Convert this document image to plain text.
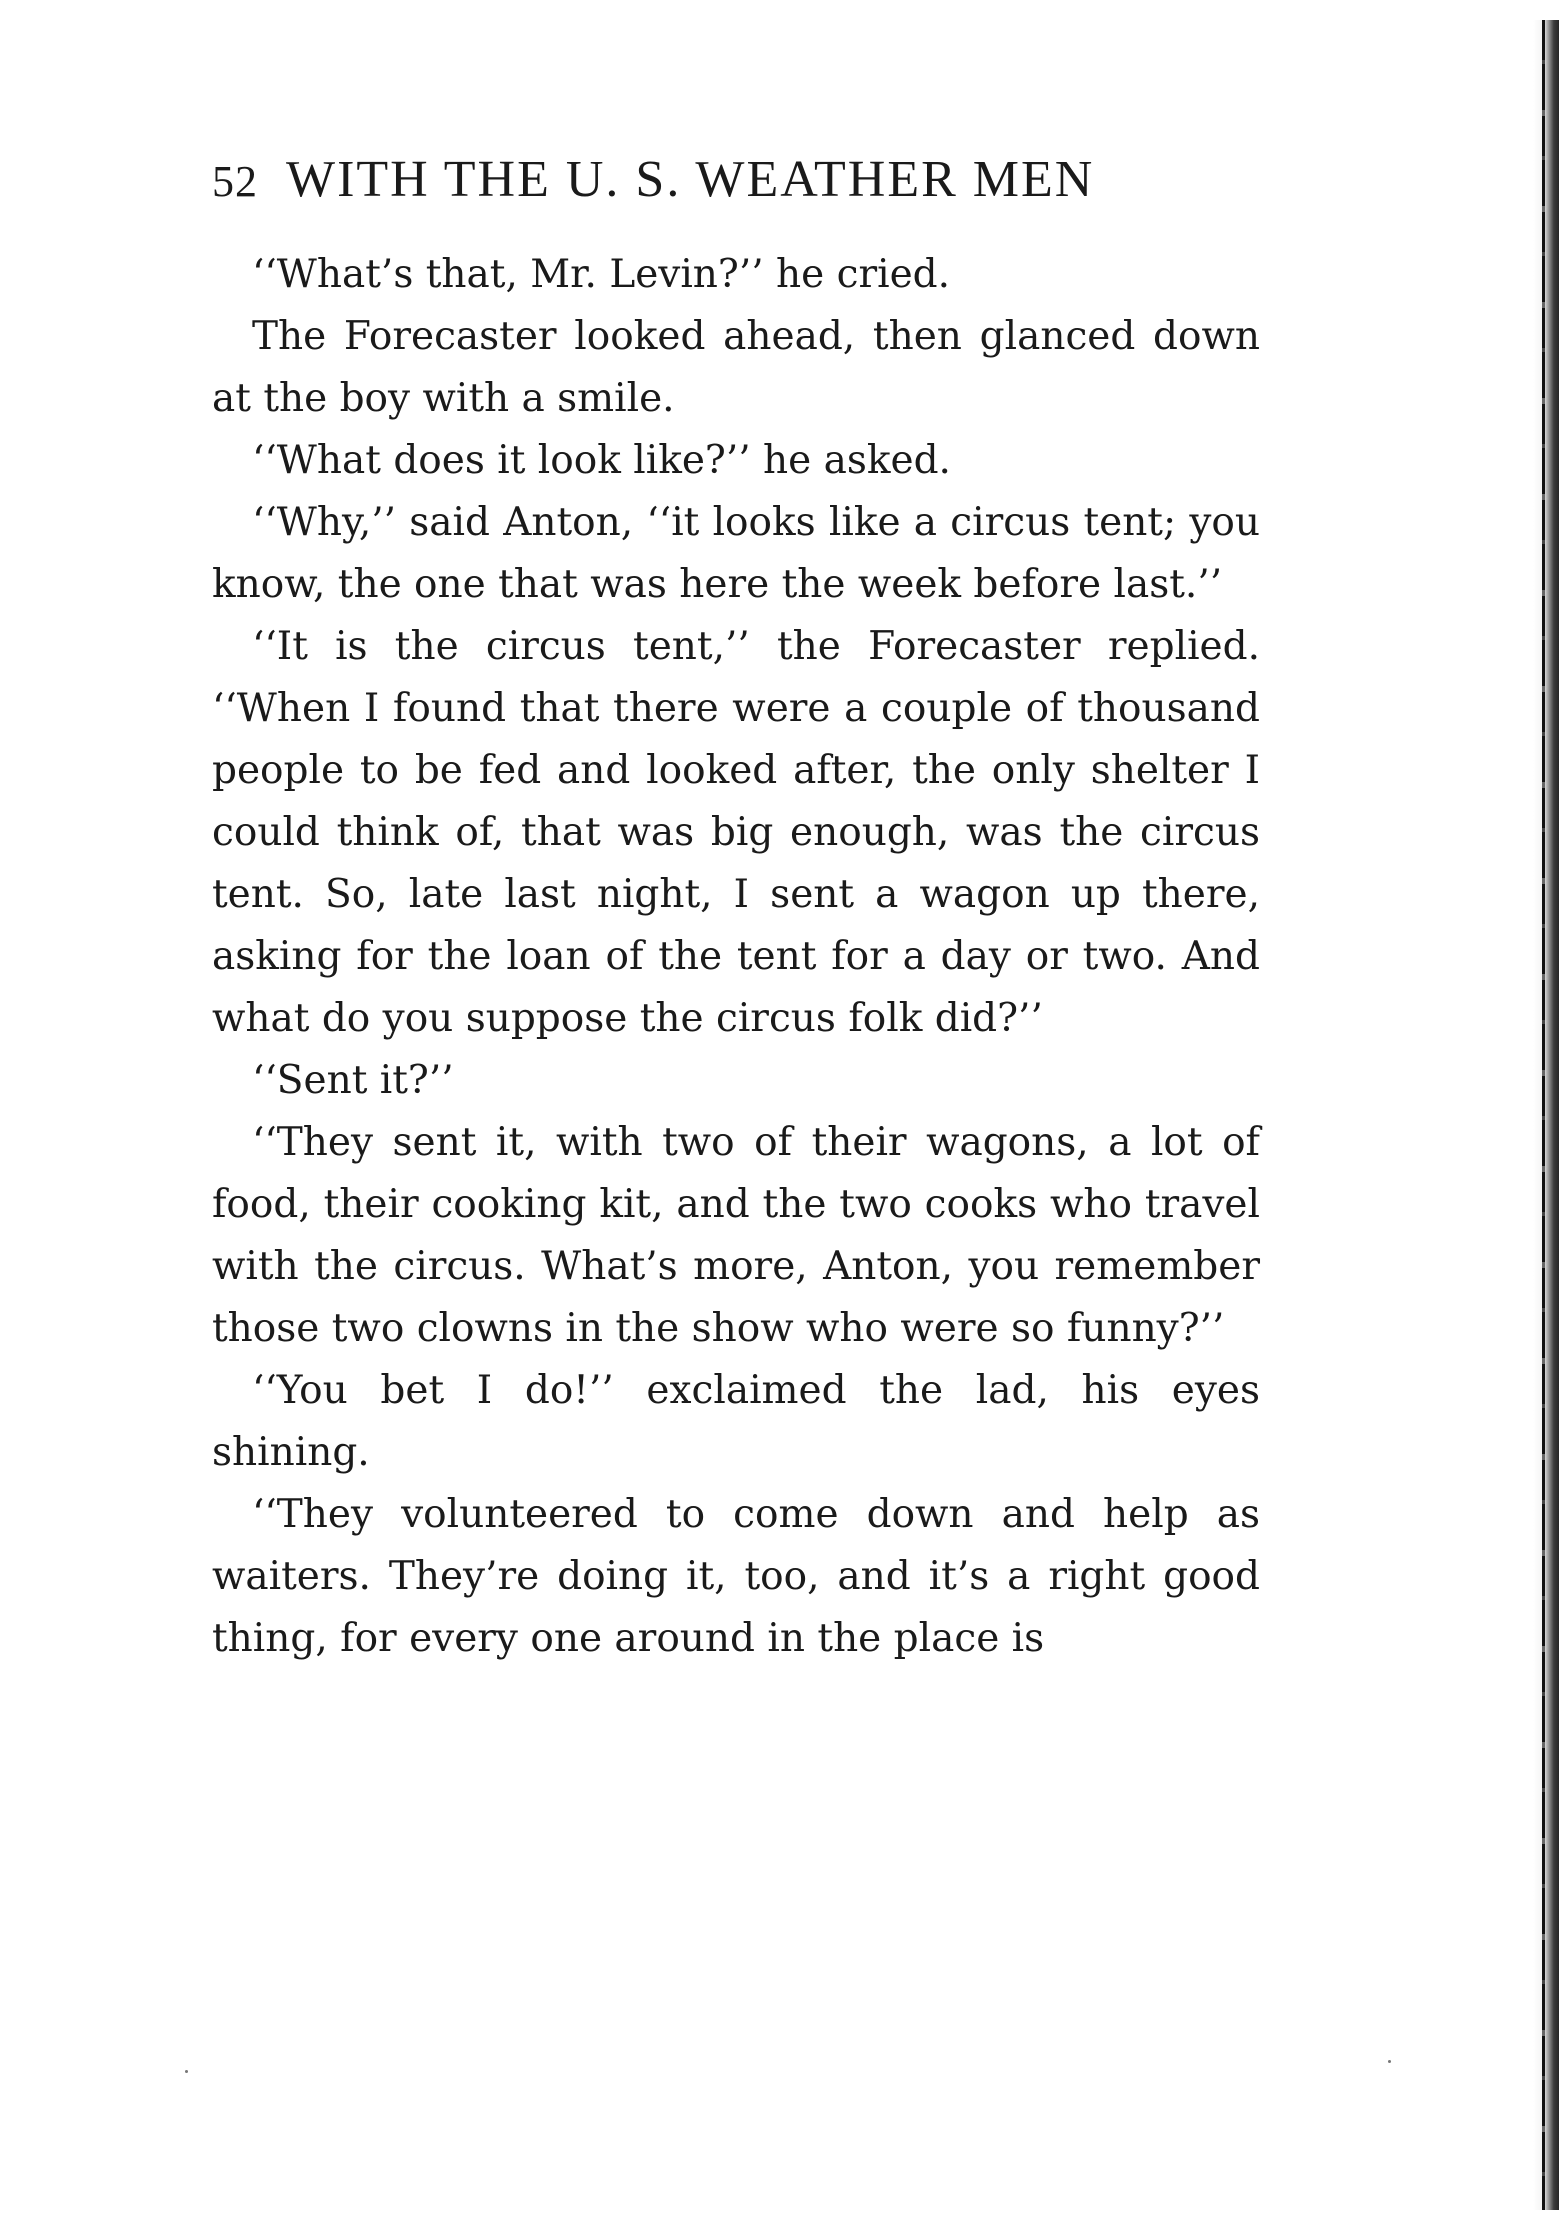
52 WITH THE U. S. WEATHER MEN

‘‘What’s that, Mr. Levin?’’ he cried.

The Forecaster looked ahead, then glanced down at the boy with a smile.

‘‘What does it look like?’’ he asked.

‘‘Why,’’ said Anton, ‘‘it looks like a circus tent; you know, the one that was here the week before last.’’

‘‘It is the circus tent,’’ the Forecaster replied. ‘‘When I found that there were a couple of thousand people to be fed and looked after, the only shelter I could think of, that was big enough, was the circus tent. So, late last night, I sent a wagon up there, asking for the loan of the tent for a day or two. And what do you suppose the circus folk did?’’

‘‘Sent it?’’

‘‘They sent it, with two of their wagons, a lot of food, their cooking kit, and the two cooks who travel with the circus. What’s more, Anton, you remember those two clowns in the show who were so funny?’’

‘‘You bet I do!’’ exclaimed the lad, his eyes shining.

‘‘They volunteered to come down and help as waiters. They’re doing it, too, and it’s a right good thing, for every one around in the place is
